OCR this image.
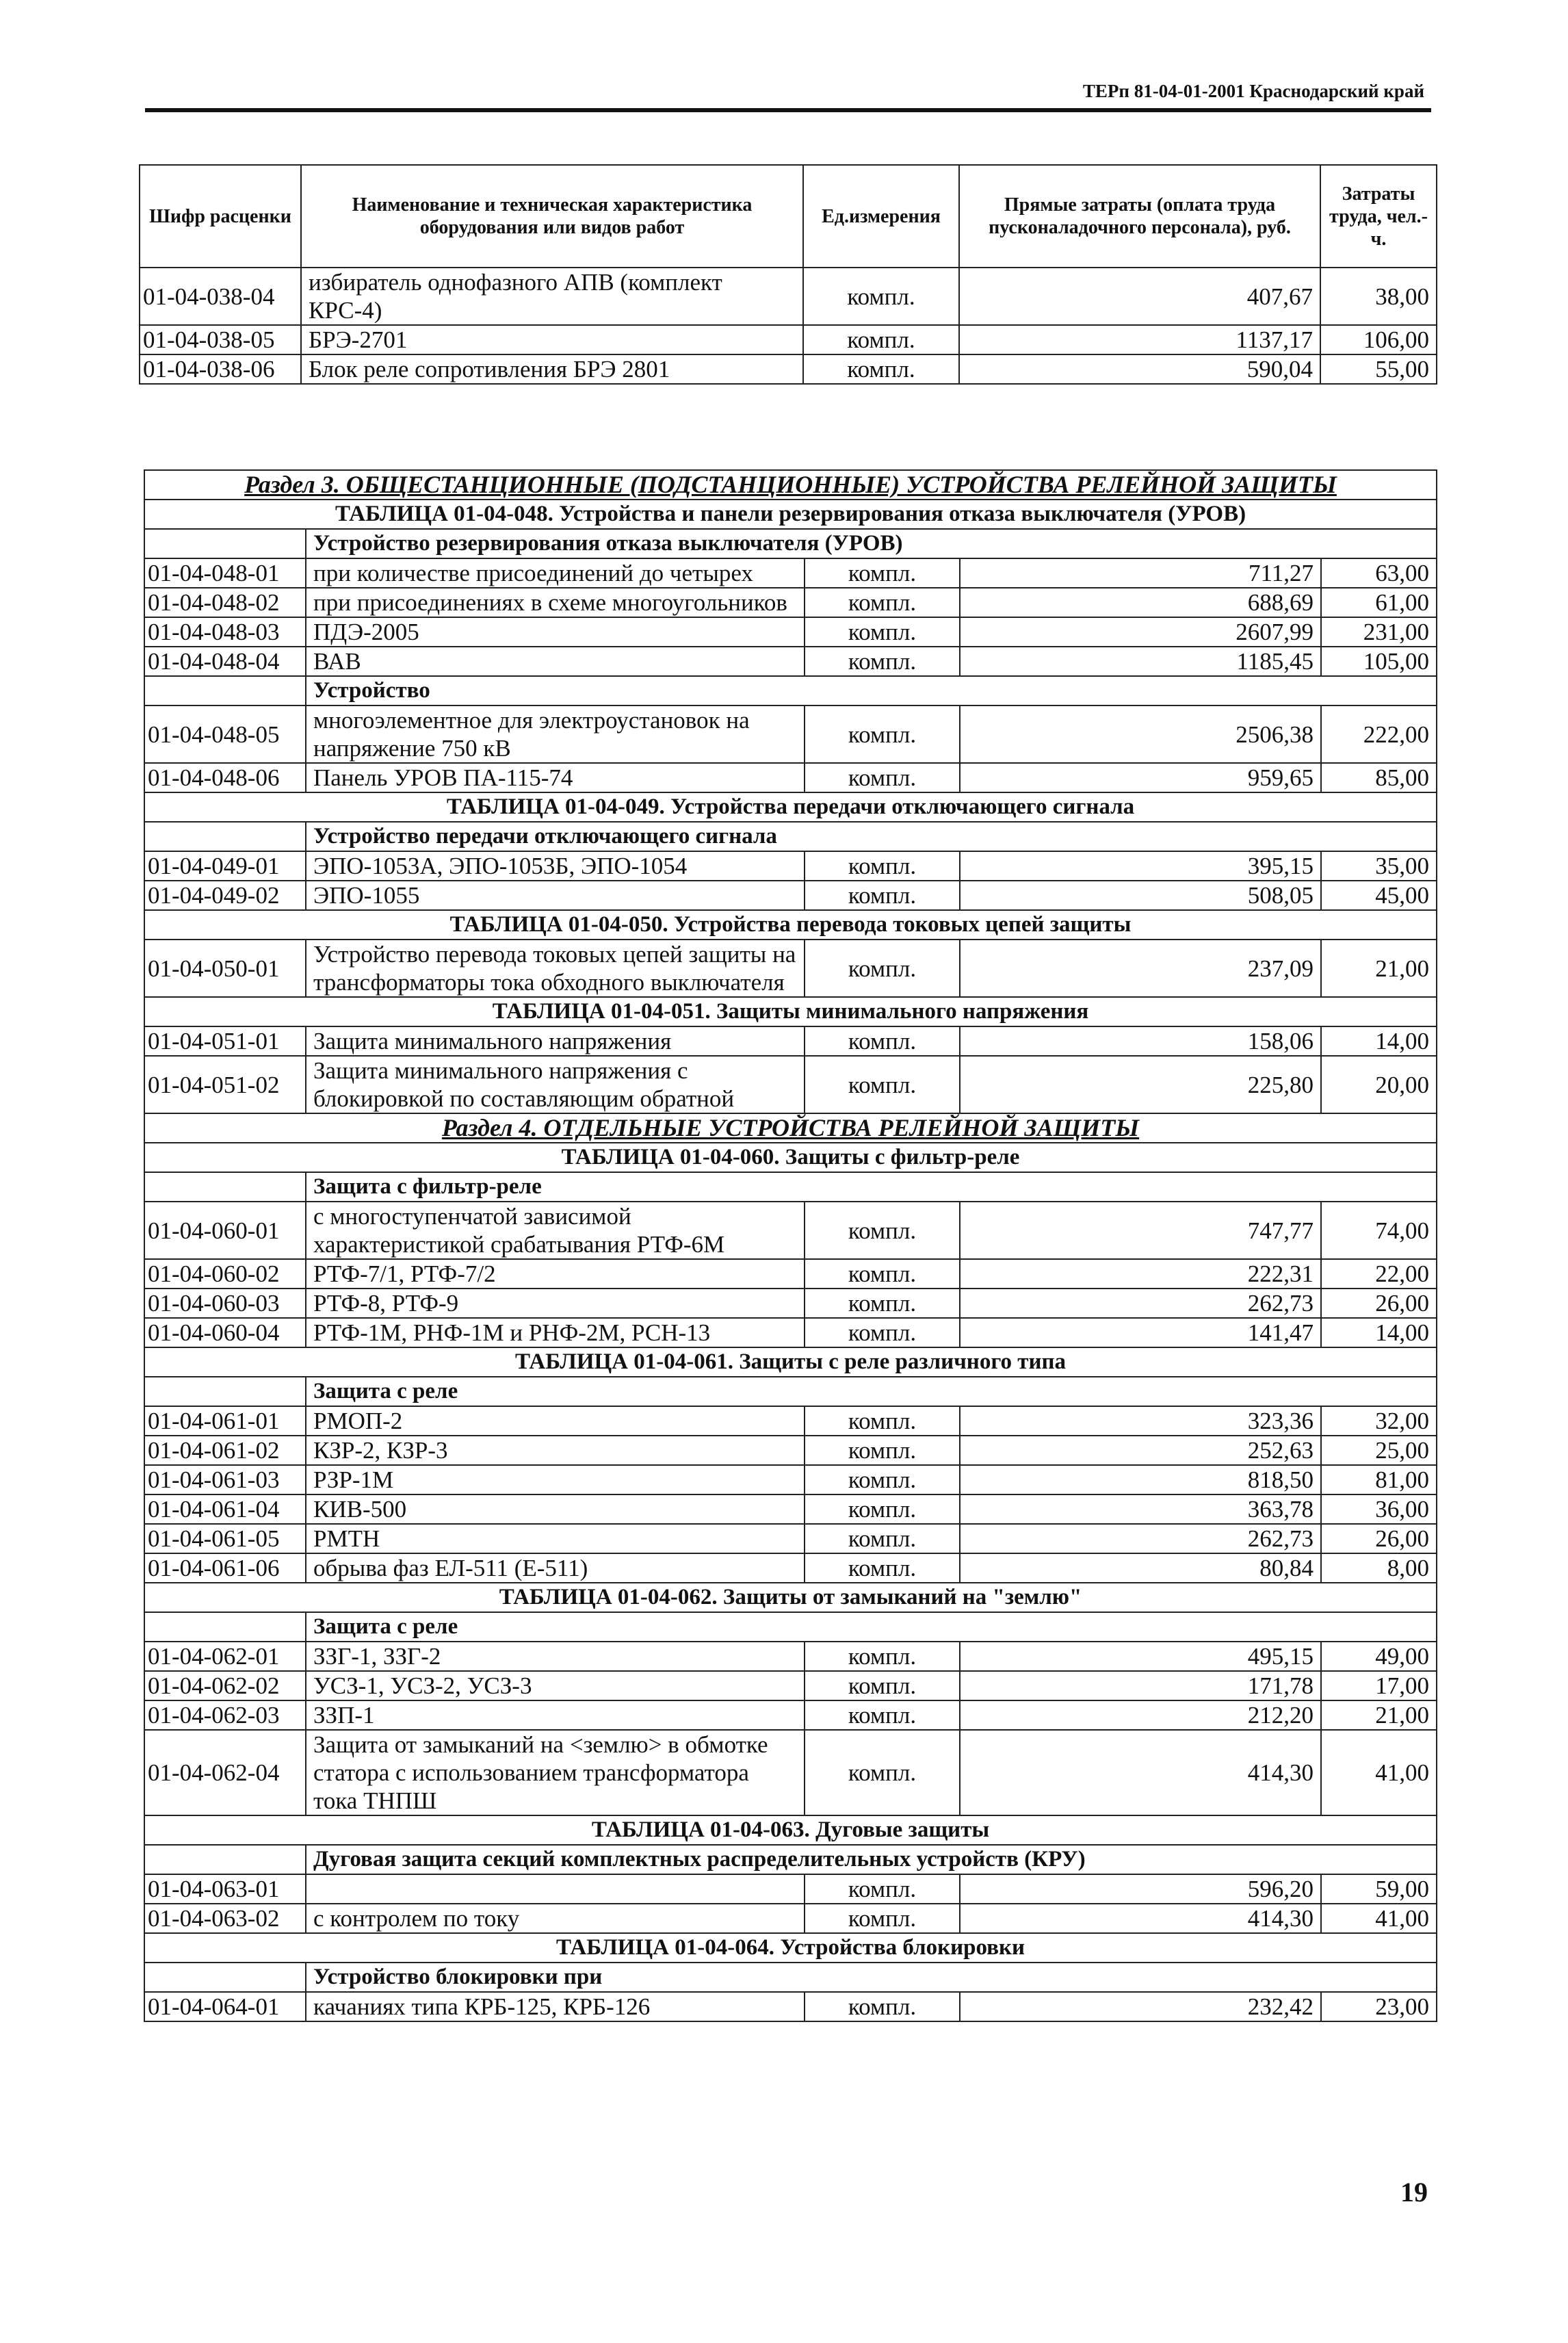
ТЕРп 81-04-01-2001 Краснодарский край
Шифр расценки	Наименование и техническая характеристика оборудования или видов работ	Ед.измерения	Прямые затраты (оплата труда пусконаладочного персонала), руб.	Затраты труда, чел.-ч.
01-04-038-04	избиратель однофазного АПВ (комплект КРС-4)	компл.	407,67	38,00
01-04-038-05	БРЭ-2701	компл.	1137,17	106,00
01-04-038-06	Блок реле сопротивления БРЭ 2801	компл.	590,04	55,00
Раздел 3. ОБЩЕСТАНЦИОННЫЕ (ПОДСТАНЦИОННЫЕ) УСТРОЙСТВА РЕЛЕЙНОЙ ЗАЩИТЫ				
ТАБЛИЦА 01-04-048. Устройства и панели резервирования отказа выключателя (УРОВ)				
	Устройство резервирования отказа выключателя (УРОВ)			
01-04-048-01	при количестве присоединений до четырех	компл.	711,27	63,00
01-04-048-02	при присоединениях в схеме многоугольников	компл.	688,69	61,00
01-04-048-03	ПДЭ-2005	компл.	2607,99	231,00
01-04-048-04	ВАВ	компл.	1185,45	105,00
	Устройство			
01-04-048-05	многоэлементное для электроустановок на напряжение 750 кВ	компл.	2506,38	222,00
01-04-048-06	Панель УРОВ ПА-115-74	компл.	959,65	85,00
ТАБЛИЦА 01-04-049. Устройства передачи отключающего сигнала				
	Устройство передачи отключающего сигнала			
01-04-049-01	ЭПО-1053А, ЭПО-1053Б, ЭПО-1054	компл.	395,15	35,00
01-04-049-02	ЭПО-1055	компл.	508,05	45,00
ТАБЛИЦА 01-04-050. Устройства перевода токовых цепей защиты				
01-04-050-01	Устройство перевода токовых цепей защиты на трансформаторы тока обходного выключателя	компл.	237,09	21,00
ТАБЛИЦА 01-04-051. Защиты минимального напряжения				
01-04-051-01	Защита минимального напряжения	компл.	158,06	14,00
01-04-051-02	Защита минимального напряжения с блокировкой по составляющим обратной	компл.	225,80	20,00
Раздел 4. ОТДЕЛЬНЫЕ УСТРОЙСТВА РЕЛЕЙНОЙ ЗАЩИТЫ				
ТАБЛИЦА 01-04-060. Защиты с фильтр-реле				
	Защита с фильтр-реле			
01-04-060-01	с многоступенчатой зависимой характеристикой срабатывания РТФ-6М	компл.	747,77	74,00
01-04-060-02	РТФ-7/1, РТФ-7/2	компл.	222,31	22,00
01-04-060-03	РТФ-8, РТФ-9	компл.	262,73	26,00
01-04-060-04	РТФ-1М, РНФ-1М и РНФ-2М, РСН-13	компл.	141,47	14,00
ТАБЛИЦА 01-04-061. Защиты с реле различного типа				
	Защита с реле			
01-04-061-01	РМОП-2	компл.	323,36	32,00
01-04-061-02	КЗР-2, КЗР-3	компл.	252,63	25,00
01-04-061-03	РЗР-1М	компл.	818,50	81,00
01-04-061-04	КИВ-500	компл.	363,78	36,00
01-04-061-05	РМТН	компл.	262,73	26,00
01-04-061-06	обрыва фаз ЕЛ-511 (Е-511)	компл.	80,84	8,00
ТАБЛИЦА 01-04-062. Защиты от замыканий на "землю"				
	Защита с реле			
01-04-062-01	ЗЗГ-1, ЗЗГ-2	компл.	495,15	49,00
01-04-062-02	УСЗ-1, УСЗ-2, УСЗ-3	компл.	171,78	17,00
01-04-062-03	ЗЗП-1	компл.	212,20	21,00
01-04-062-04	Защита от замыканий на <землю> в обмотке статора с использованием трансформатора тока ТНПШ	компл.	414,30	41,00
ТАБЛИЦА 01-04-063. Дуговые защиты				
	Дуговая защита секций комплектных распределительных устройств (КРУ)			
01-04-063-01		компл.	596,20	59,00
01-04-063-02	с контролем по току	компл.	414,30	41,00
ТАБЛИЦА 01-04-064. Устройства блокировки				
	Устройство блокировки при			
01-04-064-01	качаниях типа КРБ-125, КРБ-126	компл.	232,42	23,00
19
